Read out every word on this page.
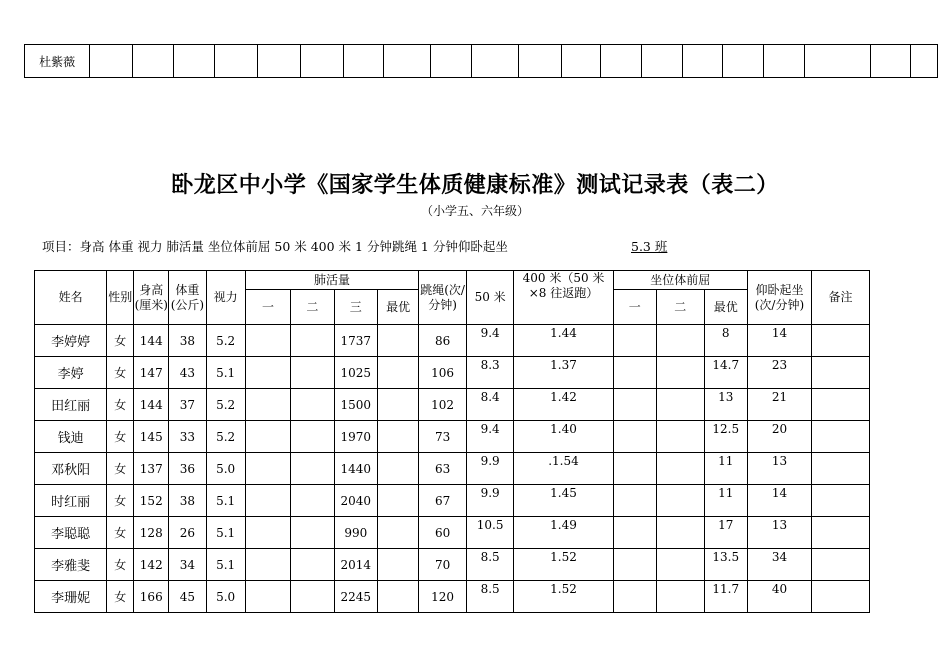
杜紫薇																				
卧龙区中小学《国家学生体质健康标准》测试记录表（表二）
（小学五、六年级）
项目：身高 体重 视力 肺活量 坐位体前屈 50 米 400 米 1 分钟跳绳 1 分钟仰卧起坐	5.3 班
姓名	性别	身高(厘米)	体重(公斤)	视力	肺活量				跳绳(次/分钟)	50 米	400 米（50 米×8 往返跑）	坐位体前屈			仰卧起坐(次/分钟)	备注
					一	二	三	最优				一	二	最优		
李婷婷	女	144	38	5.2			1737		86	9.4	1.44			8	14	
李婷	女	147	43	5.1			1025		106	8.3	1.37			14.7	23	
田红丽	女	144	37	5.2			1500		102	8.4	1.42			13	21	
钱迪	女	145	33	5.2			1970		73	9.4	1.40			12.5	20	
邓秋阳	女	137	36	5.0			1440		63	9.9	.1.54			11	13	
时红丽	女	152	38	5.1			2040		67	9.9	1.45			11	14	
李聪聪	女	128	26	5.1			990		60	10.5	1.49			17	13	
李雅斐	女	142	34	5.1			2014		70	8.5	1.52			13.5	34	
李珊妮	女	166	45	5.0			2245		120	8.5	1.52			11.7	40	
